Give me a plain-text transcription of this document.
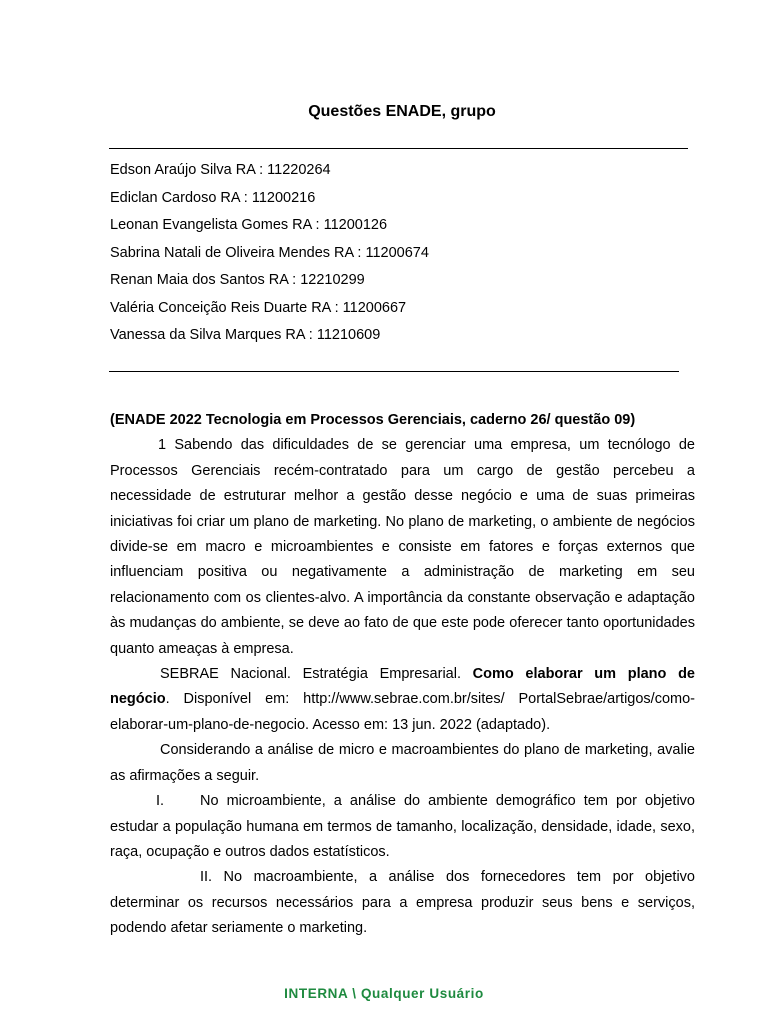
Questões ENADE, grupo
Edson Araújo Silva RA : 11220264
Ediclan Cardoso RA : 11200216
Leonan Evangelista Gomes RA : 11200126
Sabrina Natali de Oliveira Mendes RA : 11200674
Renan Maia dos Santos RA : 12210299
Valéria Conceição Reis Duarte RA : 11200667
Vanessa da Silva Marques RA : 11210609

(ENADE 2022 Tecnologia em Processos Gerenciais, caderno 26/ questão 09)

1 Sabendo das dificuldades de se gerenciar uma empresa, um tecnólogo de Processos Gerenciais recém-contratado para um cargo de gestão percebeu a necessidade de estruturar melhor a gestão desse negócio e uma de suas primeiras iniciativas foi criar um plano de marketing. No plano de marketing, o ambiente de negócios divide-se em macro e microambientes e consiste em fatores e forças externos que influenciam positiva ou negativamente a administração de marketing em seu relacionamento com os clientes-alvo. A importância da constante observação e adaptação às mudanças do ambiente, se deve ao fato de que este pode oferecer tanto oportunidades quanto ameaças à empresa.

SEBRAE Nacional. Estratégia Empresarial. Como elaborar um plano de negócio. Disponível em: http://www.sebrae.com.br/sites/ PortalSebrae/artigos/como-elaborar-um-plano-de-negocio. Acesso em: 13 jun. 2022 (adaptado).

Considerando a análise de micro e macroambientes do plano de marketing, avalie as afirmações a seguir.

I. No microambiente, a análise do ambiente demográfico tem por objetivo estudar a população humana em termos de tamanho, localização, densidade, idade, sexo, raça, ocupação e outros dados estatísticos.

II. No macroambiente, a análise dos fornecedores tem por objetivo determinar os recursos necessários para a empresa produzir seus bens e serviços, podendo afetar seriamente o marketing.

INTERNA \ Qualquer Usuário
